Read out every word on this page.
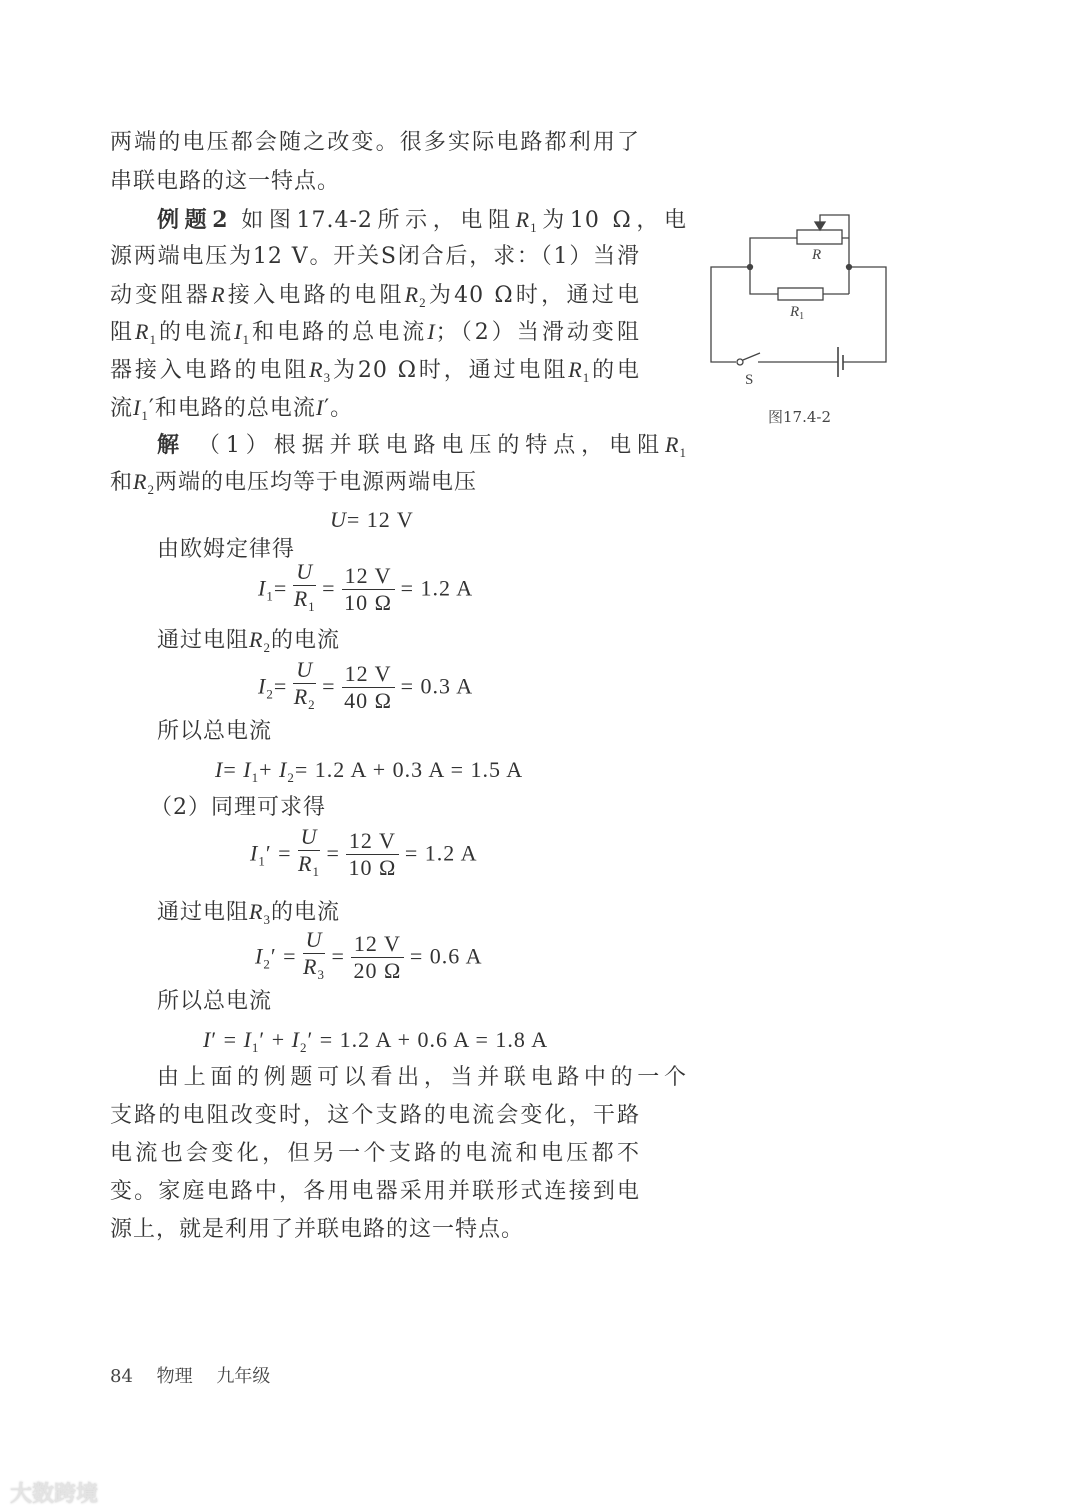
两端的电压都会随之改变。很多实际电路都利用了
串联电路的这一特点。
例题2 如图17.4-2所示，电阻$R_1$为10 Ω，电
源两端电压为12 V。开关S闭合后，求：（1）当滑
动变阻器R接入电路的电阻$R_2$为40 Ω时，通过电
阻$R_1$的电流$I_1$和电路的总电流I；（2）当滑动变阻
器接入电路的电阻$R_3$为20 Ω时，通过电阻$R_1$的电
流$I_1'$和电路的总电流I′。
解 （1）根据并联电路电压的特点，电阻$R_1$
和$R_2$两端的电压均等于电源两端电压
U= 12 V
由欧姆定律得
$I_1= \frac{U}{R_1} = \frac{12 V}{10 \Omega} = 1.2$ A
通过电阻$R_2$的电流
$I_2= \frac{U}{R_2} = \frac{12 V}{40 \Omega} = 0.3$ A
所以总电流
$I= I_1+ I_2= 1.2$ A + 0.3 A = 1.5 A
（2）同理可求得
$I_1' = \frac{U}{R_1} = \frac{12 V}{10 \Omega} = 1.2$ A
通过电阻$R_3$的电流
$I_2' = \frac{U}{R_3} = \frac{12 V}{20 \Omega} = 0.6$ A
所以总电流
$I' = I_1' + I_2' = 1.2$ A + 0.6 A = 1.8 A
由上面的例题可以看出，当并联电路中的一个
支路的电阻改变时，这个支路的电流会变化，干路
电流也会变化，但另一个支路的电流和电压都不
变。家庭电路中，各用电器采用并联形式连接到电
源上，就是利用了并联电路的这一特点。
R
$R_1$
S
图17.4-2
84 物理 九年级
大数跨境
